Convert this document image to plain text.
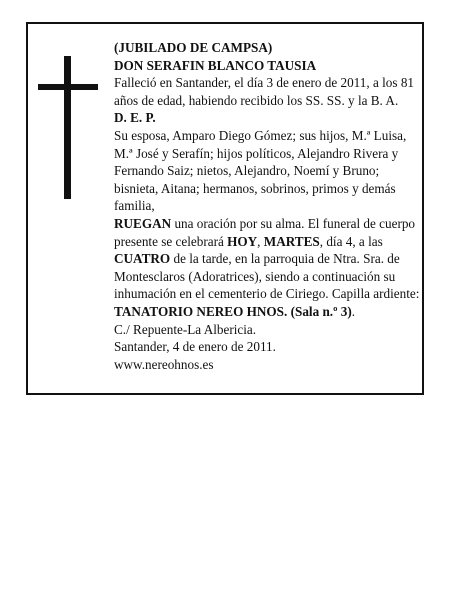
(JUBILADO DE CAMPSA)

DON SERAFIN BLANCO TAUSIA

Falleció en Santander, el día 3 de enero de 2011, a los 81 años de edad, habiendo recibido los SS. SS. y la B. A.

D. E. P.

Su esposa, Amparo Diego Gómez; sus hijos, M.ª Luisa, M.ª José y Serafín; hijos políticos, Alejandro Rivera y Fernando Saiz; nietos, Alejandro, Noemí y Bruno; bisnieta, Aitana; hermanos, sobrinos, primos y demás familia,

RUEGAN una oración por su alma. El funeral de cuerpo presente se celebrará HOY, MARTES, día 4, a las CUATRO de la tarde, en la parroquia de Ntra. Sra. de Montesclaros (Adoratrices), siendo a continuación su inhumación en el cementerio de Ciriego. Capilla ardiente: TANATORIO NEREO HNOS. (Sala n.º 3).

C./ Repuente-La Albericia.

Santander, 4 de enero de 2011.

www.nereohnos.es
